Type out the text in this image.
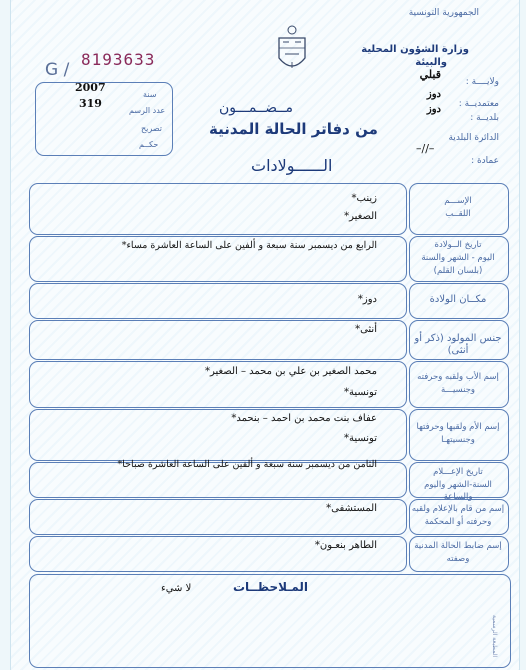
الجمهورية التونسية
وزارة الشؤون المحلية
والبيئة
G /
8193633
ولايــــة :
قبلي
معتمديــة :
دوز
بلديــة :
دوز
الدائرة البلدية
–//–
عمادة :
2007
سنة
319
عدد الرسم
تصريح
حكــم
مــضــمـــون
من دفاتر الحالة المدنية
الــــــولادات
الإســـم
اللقــب
زينب*
الصغير*
تاريخ الــولادة
اليوم - الشهر والسنة
(بلسان القلم)
الرابع من ديسمبر سنة سبعة و ألفين على الساعة العاشرة مساء*
مكــان الولادة
دوز*
جنس المولود (ذكر أو أنثى)
أنثى*
إسم الأب ولقبه وحرفته
وجنسيـــة
محمد الصغير بن علي بن محمد – الصغير*
تونسية*
إسم الأم ولقبها وحرفتها
وجنسيتهـا
عفاف بنت محمد بن احمد – بنحمد*
تونسية*
تاريخ الإعـــلام
السنة-الشهر واليوم والساعة
الثامن من ديسمبر سنة سبعة و ألفين على الساعة العاشرة صباحا*
إسم من قام بالإعلام ولقبه
وحرفته أو المحكمة
المستشفى*
إسم ضابط الحالة المدنية
وصفته
الطاهر بنعـون*
المـلاحظــات
لا شيء
المطبعة الرسمية
